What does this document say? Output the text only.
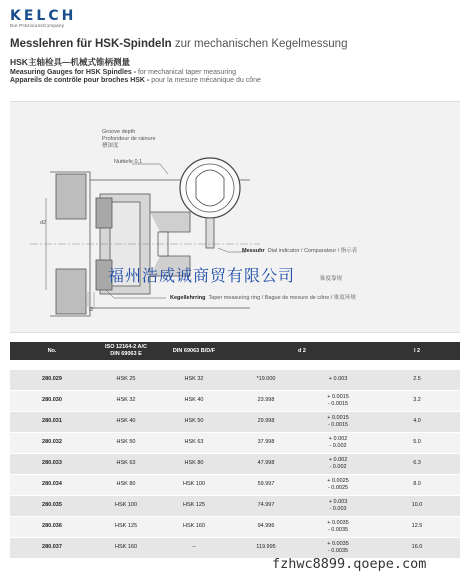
KELCH
Die PräzisionsCompany
Messlehren für HSK-Spindeln zur mechanischen Kegelmessung
HSK主轴检具—机械式锥柄测量
Measuring Gauges for HSK Spindles - for mechanical taper measuring
Appareils de contrôle pour broches HSK - pour la mesure mécanique du cône
Groove depth
Profondeur de rainure
槽深度
Nuttiefe 0,1
d2
l2
Messuhr Dial indicator / Comparateur / 指示表
锥度靠规
Kegellehrring Taper measuring ring / Bague de mesure de cône / 锥度环规
福州浩威诚商贸有限公司
No.	ISO 12164-2 A/C
DIN 69063 E	DIN 69063 B/D/F	d 2		l 2

280.029	HSK 25	HSK 32	*19.000	+ 0.003	2.5
280.030	HSK 32	HSK 40	23.998	+ 0.0015
- 0.0015	3.2
280.031	HSK 40	HSK 50	29.998	+ 0.0015
- 0.0015	4.0
280.032	HSK 50	HSK 63	37.998	+ 0.002
- 0.002	5.0
280.033	HSK 63	HSK 80	47.998	+ 0.002
- 0.002	6.3
280.034	HSK 80	HSK 100	59.997	+ 0.0025
- 0.0025	8.0
280.035	HSK 100	HSK 125	74.997	+ 0.003
- 0.003	10.0
280.036	HSK 125	HSK 160	94.996	+ 0.0035
- 0.0035	12.5
280.037	HSK 160	–	119.995	+ 0.0035
- 0.0035	16.0
fzhwc8899.qoepe.com
